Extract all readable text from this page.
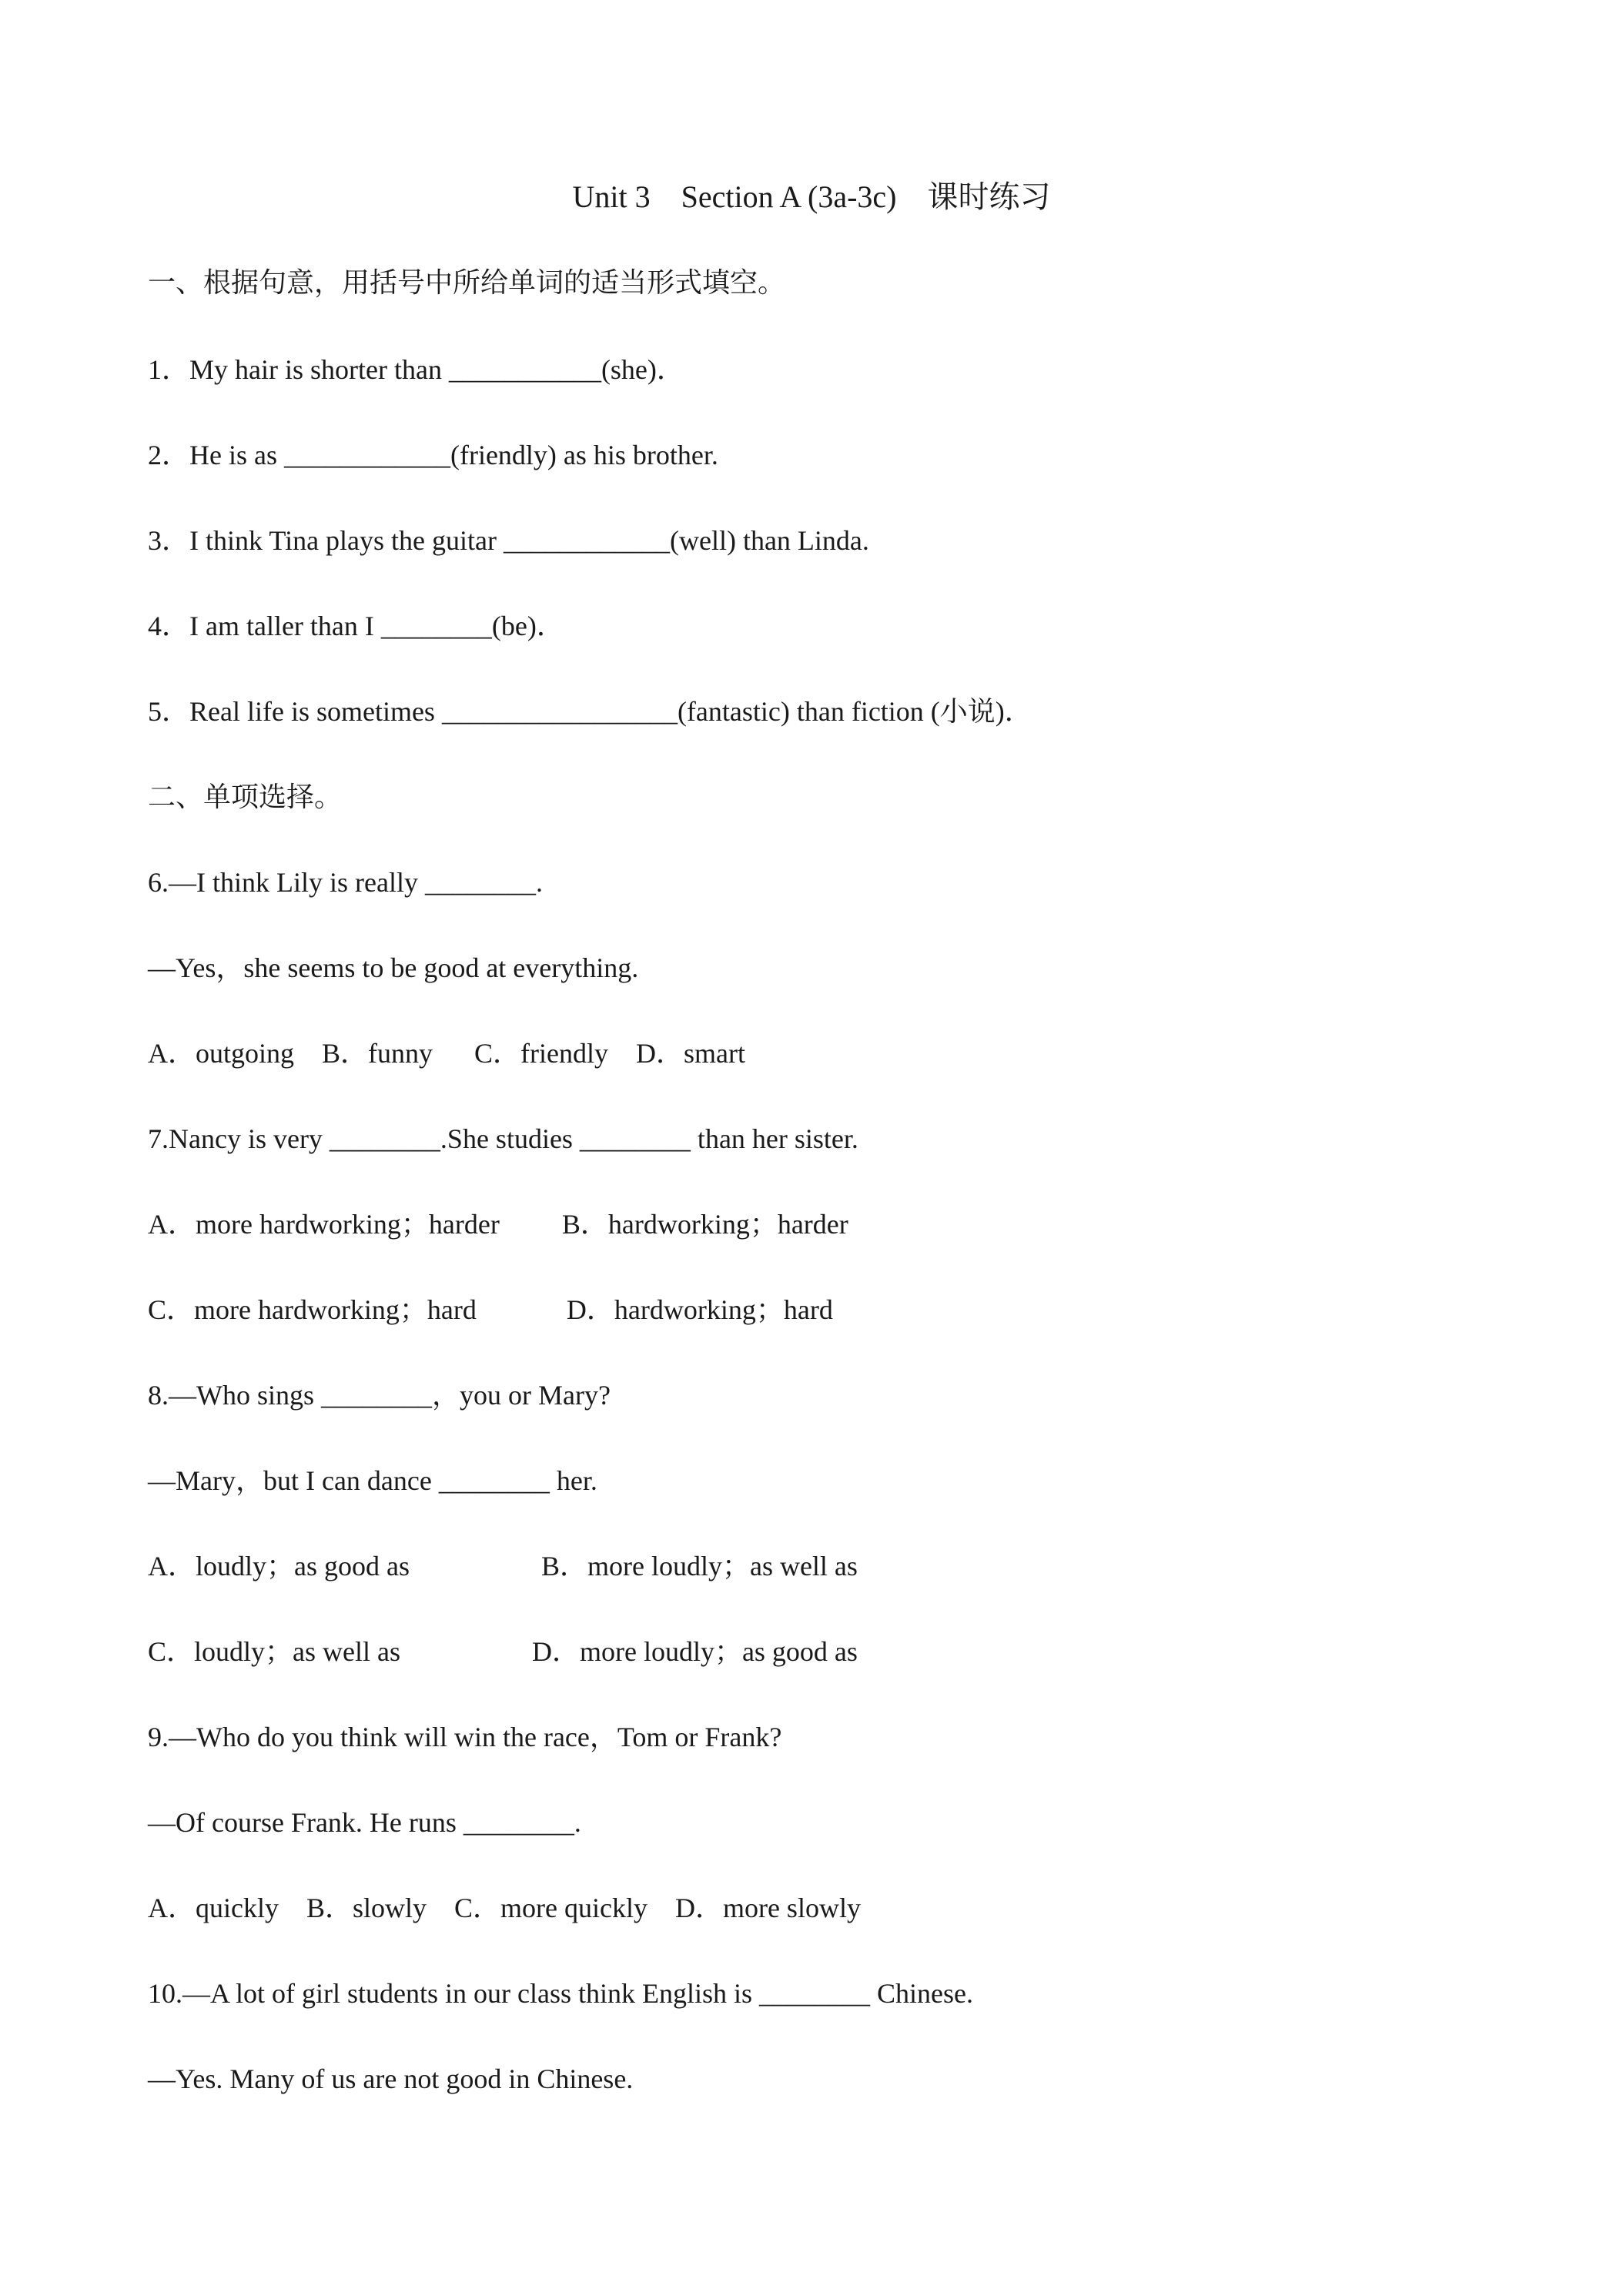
Unit 3    Section A (3a-3c)    课时练习
一、根据句意，用括号中所给单词的适当形式填空。
1．My hair is shorter than ___________(she)．
2．He is as ____________(friendly) as his brother.
3．I think Tina plays the guitar ____________(well) than Linda.
4．I am taller than I ________(be)．
5．Real life is sometimes _________________(fantastic) than fiction (小说)．
二、单项选择。
6.—I think Lily is really ________.
—Yes，she seems to be good at everything.
A．outgoing    B．funny      C．friendly    D．smart
7.Nancy is very ________.She studies ________ than her sister.
A．more hardworking；harder         B．hardworking；harder
C．more hardworking；hard             D．hardworking；hard
8.—Who sings ________，you or Mary?
—Mary，but I can dance ________ her.
A．loudly；as good as                   B．more loudly；as well as
C．loudly；as well as                   D．more loudly；as good as
9.—Who do you think will win the race，Tom or Frank?
—Of course Frank. He runs ________.
A．quickly    B．slowly    C．more quickly    D．more slowly
10.—A lot of girl students in our class think English is ________ Chinese.
—Yes. Many of us are not good in Chinese.
